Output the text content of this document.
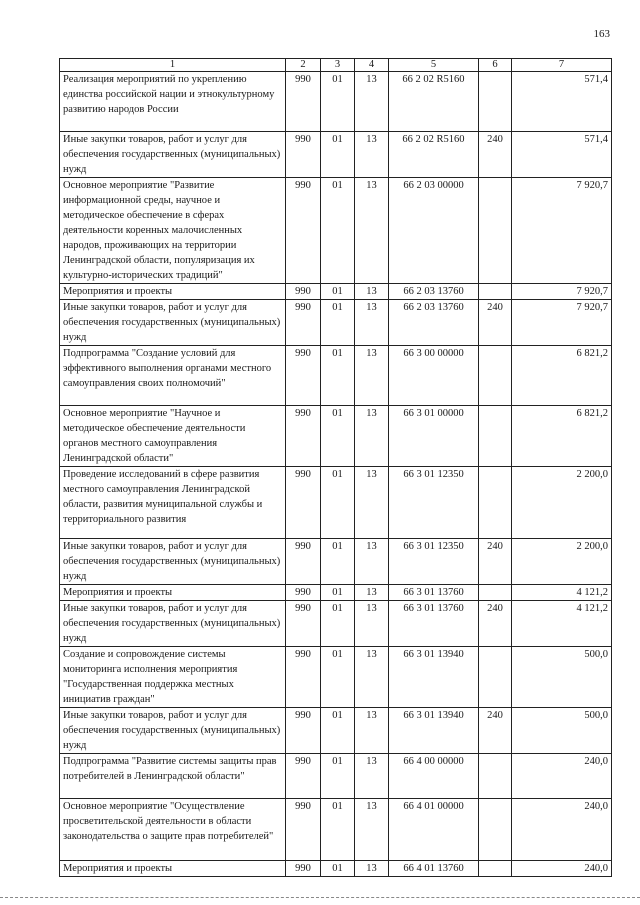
163
1	2	3	4	5	6	7
Реализация мероприятий по укреплению единства российской нации и этнокультурному развитию народов России	990	01	13	66 2 02 R5160		571,4
Иные закупки товаров, работ и услуг для обеспечения государственных (муниципальных) нужд	990	01	13	66 2 02 R5160	240	571,4
Основное мероприятие "Развитие информационной среды, научное и методическое обеспечение в сферах деятельности коренных малочисленных народов, проживающих на территории Ленинградской области, популяризация их культурно-исторических традиций"	990	01	13	66 2 03 00000		7 920,7
Мероприятия и проекты	990	01	13	66 2 03 13760		7 920,7
Иные закупки товаров, работ и услуг для обеспечения государственных (муниципальных) нужд	990	01	13	66 2 03 13760	240	7 920,7
Подпрограмма "Создание условий для эффективного выполнения органами местного самоуправления своих полномочий"	990	01	13	66 3 00 00000		6 821,2
Основное мероприятие "Научное и методическое обеспечение деятельности органов местного самоуправления Ленинградской области"	990	01	13	66 3 01 00000		6 821,2
Проведение исследований в сфере развития местного самоуправления Ленинградской области, развития муниципальной службы и территориального развития	990	01	13	66 3 01 12350		2 200,0
Иные закупки товаров, работ и услуг для обеспечения государственных (муниципальных) нужд	990	01	13	66 3 01 12350	240	2 200,0
Мероприятия и проекты	990	01	13	66 3 01 13760		4 121,2
Иные закупки товаров, работ и услуг для обеспечения государственных (муниципальных) нужд	990	01	13	66 3 01 13760	240	4 121,2
Создание и сопровождение системы мониторинга исполнения мероприятия "Государственная поддержка местных инициатив граждан"	990	01	13	66 3 01 13940		500,0
Иные закупки товаров, работ и услуг для обеспечения государственных (муниципальных) нужд	990	01	13	66 3 01 13940	240	500,0
Подпрограмма "Развитие системы защиты прав потребителей в Ленинградской области"	990	01	13	66 4 00 00000		240,0
Основное мероприятие "Осуществление просветительской деятельности в области законодательства о защите прав потребителей"	990	01	13	66 4 01 00000		240,0
Мероприятия и проекты	990	01	13	66 4 01 13760		240,0
